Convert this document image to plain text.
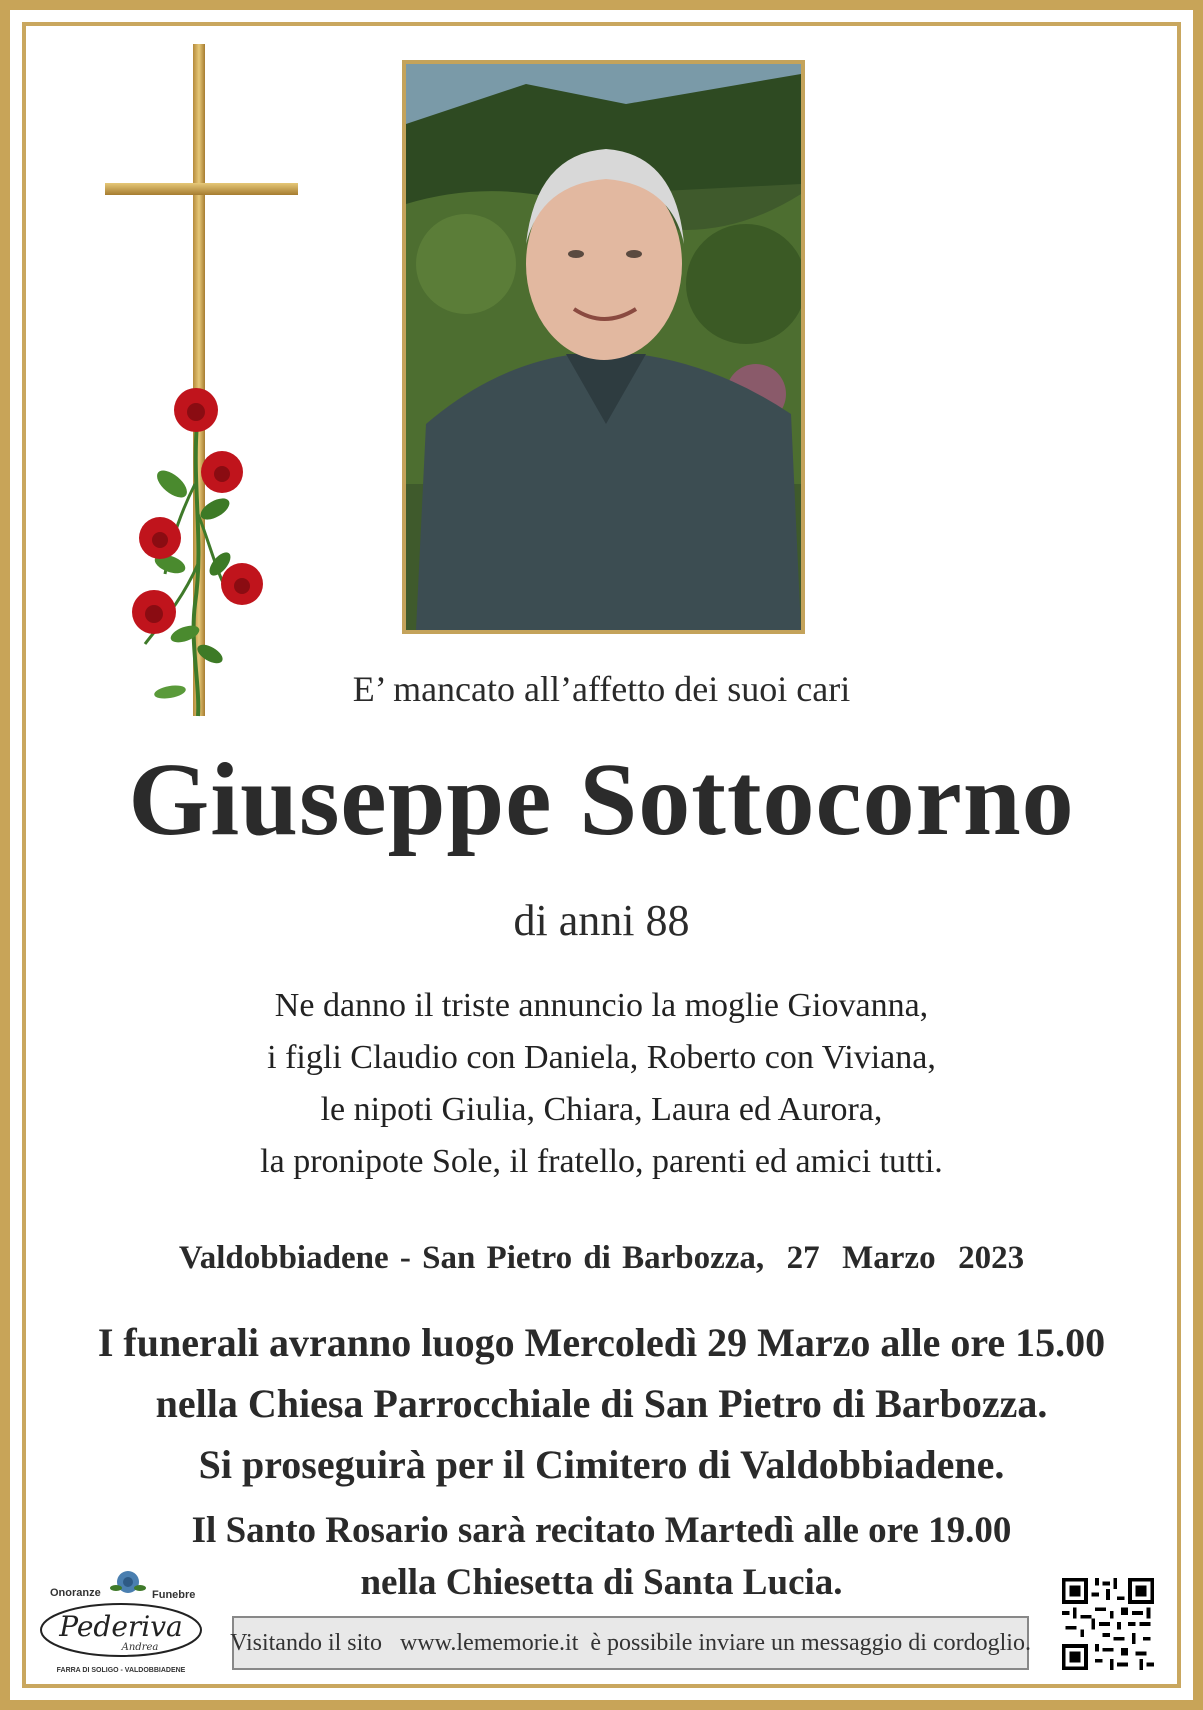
E’ mancato all’affetto dei suoi cari
Giuseppe Sottocorno
di anni 88
Ne danno il triste annuncio la moglie Giovanna,
i figli Claudio con Daniela, Roberto con Viviana,
le nipoti Giulia, Chiara, Laura ed Aurora,
la pronipote Sole, il fratello, parenti ed amici tutti.
Valdobbiadene - San Pietro di Barbozza,  27  Marzo  2023
I funerali avranno luogo Mercoledì 29 Marzo alle ore 15.00
nella Chiesa Parrocchiale di San Pietro di Barbozza.
Si proseguirà per il Cimitero di Valdobbiadene.
Il Santo Rosario sarà recitato Martedì alle ore 19.00
nella Chiesetta di Santa Lucia.
Onoranze	Funebre
Pederiva
Andrea
FARRA DI SOLIGO - VALDOBBIADENE
Visitando il sito   www.lememorie.it  è possibile inviare un messaggio di cordoglio.
